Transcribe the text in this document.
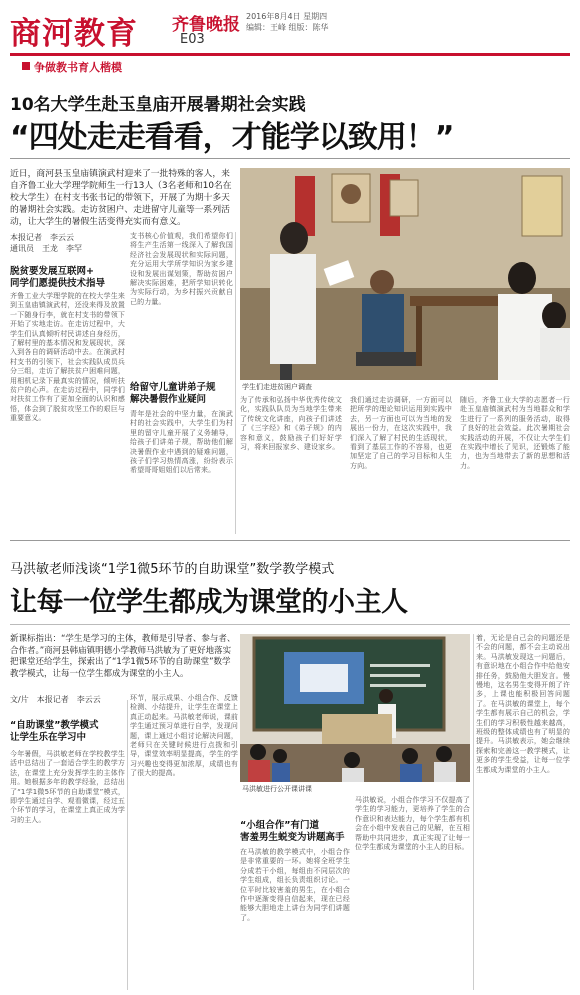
商河教育 齐鲁晚报
E03
2016年8月4日 星期四
编辑：王峰 组版：陈华
争做教书育人楷模
10名大学生赴玉皇庙开展暑期社会实践
“四处走走看看，才能学以致用！”
近日，商河县玉皇庙镇演武村迎来了一批特殊的客人，来自齐鲁工业大学理学院师生一行13人（3名老师和10名在校大学生）在村支书张书记的带领下，开展了为期十多天的暑期社会实践。走访贫困户、走进留守儿童等一系列活动，让大学生的暑假生活变得充实而有意义。
本报记者　李云云
通讯员　王龙　李罕
脱贫要发展互联网+
同学们愿提供技术指导
齐鲁工业大学理学院的在校大学生来到玉皇庙镇演武村，还没来得及放置一下随身行李，就在村支书的带领下开始了实地走访。在走访过程中，大学生们认真倾听村民讲述自身经历，了解村里的基本情况和发展现状，深入到各自的调研活动中去。在演武村村支书的引领下，社会实践队成员兵分三组，走访了解扶贫户困难问题，用相机记录下最真实的情况，倾听扶贫户的心声。在走访过程中，同学们对扶贫工作有了更加全面的认识和感悟，体会到了脱贫攻坚工作的艰巨与重要意义。
支书核心价值观，我们希望你们将生产生活第一线深入了解我国经济社会发展现状和实际问题，充分运用大学所学知识为家乡建设和发展出谋划策，帮助贫困户解决实际困难，把所学知识转化为实际行动，为乡村振兴贡献自己的力量。
给留守儿童讲弟子规
解决暑假作业疑问
青年是社会的中坚力量，在演武村的社会实践中，大学生们为村里的留守儿童开展了义务辅导，给孩子们讲弟子规，帮助他们解决暑假作业中遇到的疑难问题，孩子们学习热情高涨，纷纷表示希望哥哥姐姐们以后常来。
学生们走进贫困户调查
为了传承和弘扬中华优秀传统文化，实践队队员为当地学生带来了传统文化讲座，向孩子们讲述了《三字经》和《弟子规》的内容和意义，鼓励孩子们好好学习，将来回报家乡、建设家乡。
我们通过走访调研，一方面可以把所学的理论知识运用到实践中去，另一方面也可以为当地的发展出一份力，在这次实践中，我们深入了解了村民的生活现状，看到了基层工作的不容易，也更加坚定了自己的学习目标和人生方向。
随后，齐鲁工业大学的志愿者一行赴玉皇庙镇演武村为当地群众和学生进行了一系列的服务活动，取得了良好的社会效益。此次暑期社会实践活动的开展，不仅让大学生们在实践中增长了见识，还锻炼了能力，也为当地带去了新的思想和活力。
马洪敏老师浅谈“1学1微5环节的自助课堂”数学教学模式
让每一位学生都成为课堂的小主人
新课标指出：“学生是学习的主体，教师是引导者、参与者、合作者。”商河县韩庙镇明德小学教师马洪敏为了更好地落实把课堂还给学生，探索出了“1学1微5环节的自助课堂”数学教学模式，让每一位学生都成为课堂的小主人。
文/片　本报记者　李云云
“自助课堂”教学模式
让学生乐在学习中
今年暑假，马洪敏老师在学校教学生活中总结出了一套适合学生的教学方法，在课堂上充分发挥学生的主体作用。她根据多年的教学经验，总结出了“1学1微5环节的自助课堂”模式，即学生通过自学、观看微课，经过五个环节的学习，在课堂上真正成为学习的主人。
环节，展示成果、小组合作、反馈检测、小结提升，让学生在课堂上真正动起来。马洪敏老师说，课前学生通过预习单进行自学，发现问题，课上通过小组讨论解决问题，老师只在关键时候进行点拨和引导，课堂效率明显提高，学生的学习兴趣也变得更加浓厚，成绩也有了很大的提高。
马洪敏进行公开课讲课
“小组合作”有门道
害羞男生蜕变为讲题高手
在马洪敏的教学模式中，小组合作是非常重要的一环。她将全班学生分成若干小组，每组由不同层次的学生组成，组长负责组织讨论。一位平时比较害羞的男生，在小组合作中逐渐变得自信起来，现在已经能够大胆地走上讲台为同学们讲题了。
马洪敏说，小组合作学习不仅提高了学生的学习能力，更培养了学生的合作意识和表达能力，每个学生都有机会在小组中发表自己的见解，在互相帮助中共同进步，真正实现了让每一位学生都成为课堂的小主人的目标。
着，无论是自己会的问题还是不会的问题，都不会主动说出来。马洪敏发现这一问题后，有意识地在小组合作中给他安排任务，鼓励他大胆发言。慢慢地，这名男生变得开朗了许多，上课也能积极回答问题了。在马洪敏的课堂上，每个学生都有展示自己的机会，学生们的学习积极性越来越高，班级的整体成绩也有了明显的提升。马洪敏表示，她会继续探索和完善这一教学模式，让更多的学生受益，让每一位学生都成为课堂的小主人。
